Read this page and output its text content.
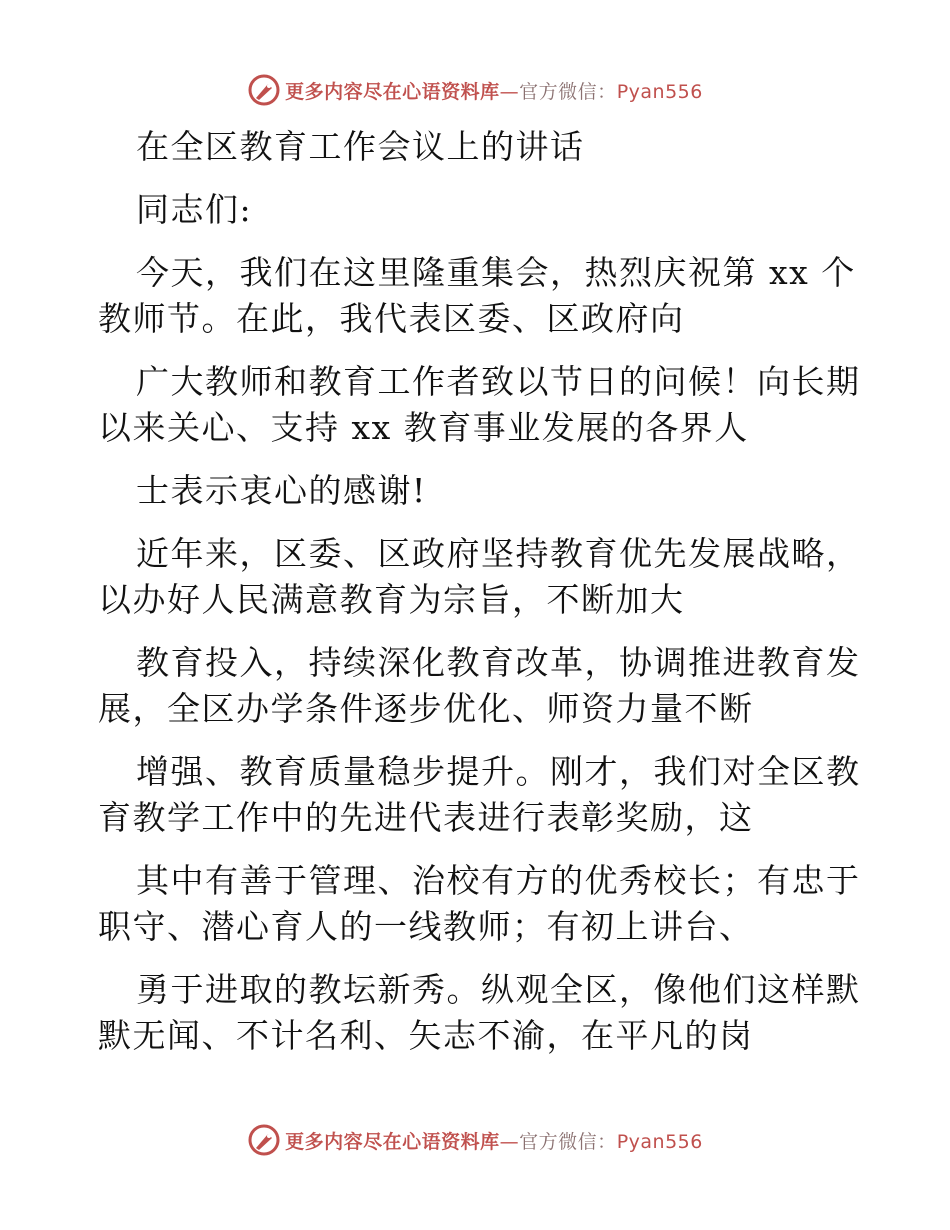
更多内容尽在心语资料库—官方微信：Pyan556
在全区教育工作会议上的讲话
同志们:
今天，我们在这里隆重集会，热烈庆祝第 xx 个
教师节。在此，我代表区委、区政府向
广大教师和教育工作者致以节日的问候！向长期
以来关心、支持 xx 教育事业发展的各界人
士表示衷心的感谢!
近年来，区委、区政府坚持教育优先发展战略，
以办好人民满意教育为宗旨，不断加大
教育投入，持续深化教育改革，协调推进教育发
展，全区办学条件逐步优化、师资力量不断
增强、教育质量稳步提升。刚才，我们对全区教
育教学工作中的先进代表进行表彰奖励，这
其中有善于管理、治校有方的优秀校长；有忠于
职守、潜心育人的一线教师；有初上讲台、
勇于进取的教坛新秀。纵观全区，像他们这样默
默无闻、不计名利、矢志不渝，在平凡的岗
更多内容尽在心语资料库—官方微信：Pyan556
